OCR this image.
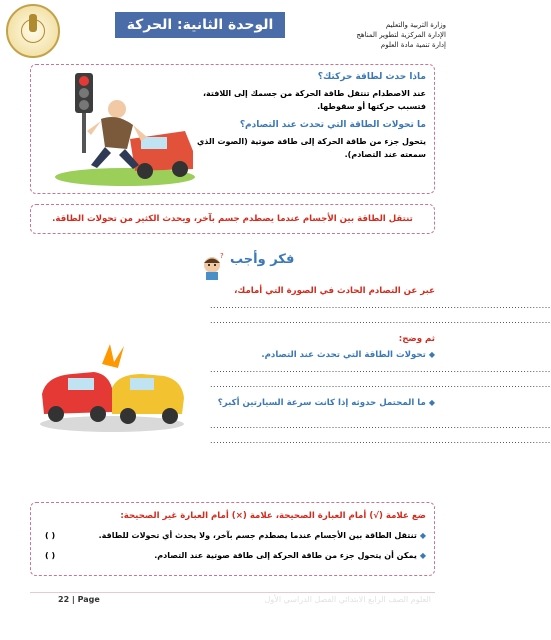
الوحدة الثانية: الحركة	وزارة التربية والتعليم
الإدارة المركزية لتطوير المناهج
إدارة تنمية مادة العلوم
ماذا حدث لطاقة حركتك؟
عند الاصطدام تنتقل طاقة الحركة من جسمك إلى اللافتة، فتسبب حركتها أو سقوطها.
ما تحولات الطاقة التي تحدث عند التصادم؟
يتحول جزء من طاقة الحركة إلى طاقة صوتية (الصوت الذي سمعته عند التصادم).
تنتقل الطاقة بين الأجسام عندما يصطدم جسم بآخر، ويحدث الكثير من تحولات الطاقة.
? فكر وأجب
عبر عن التصادم الحادث في الصورة التي أمامك،
................................................................................................................
................................................................................................................
ثم وضح:
◆تحولات الطاقة التي تحدث عند التصادم.
................................................................................................................
................................................................................................................
◆ما المحتمل حدوثه إذا كانت سرعة السيارتين أكبر؟
................................................................................................................
................................................................................................................
ضع علامة (√) أمام العبارة الصحيحة، علامة (×) أمام العبارة غير الصحيحة:
◆تنتقل الطاقة بين الأجسام عندما يصطدم جسم بآخر، ولا يحدث أي تحولات للطاقة.
( )
◆يمكن أن يتحول جزء من طاقة الحركة إلى طاقة صوتية عند التصادم.
( )
العلوم الصف الرابع الابتدائي الفصل الدراسي الأول
22 | Page
